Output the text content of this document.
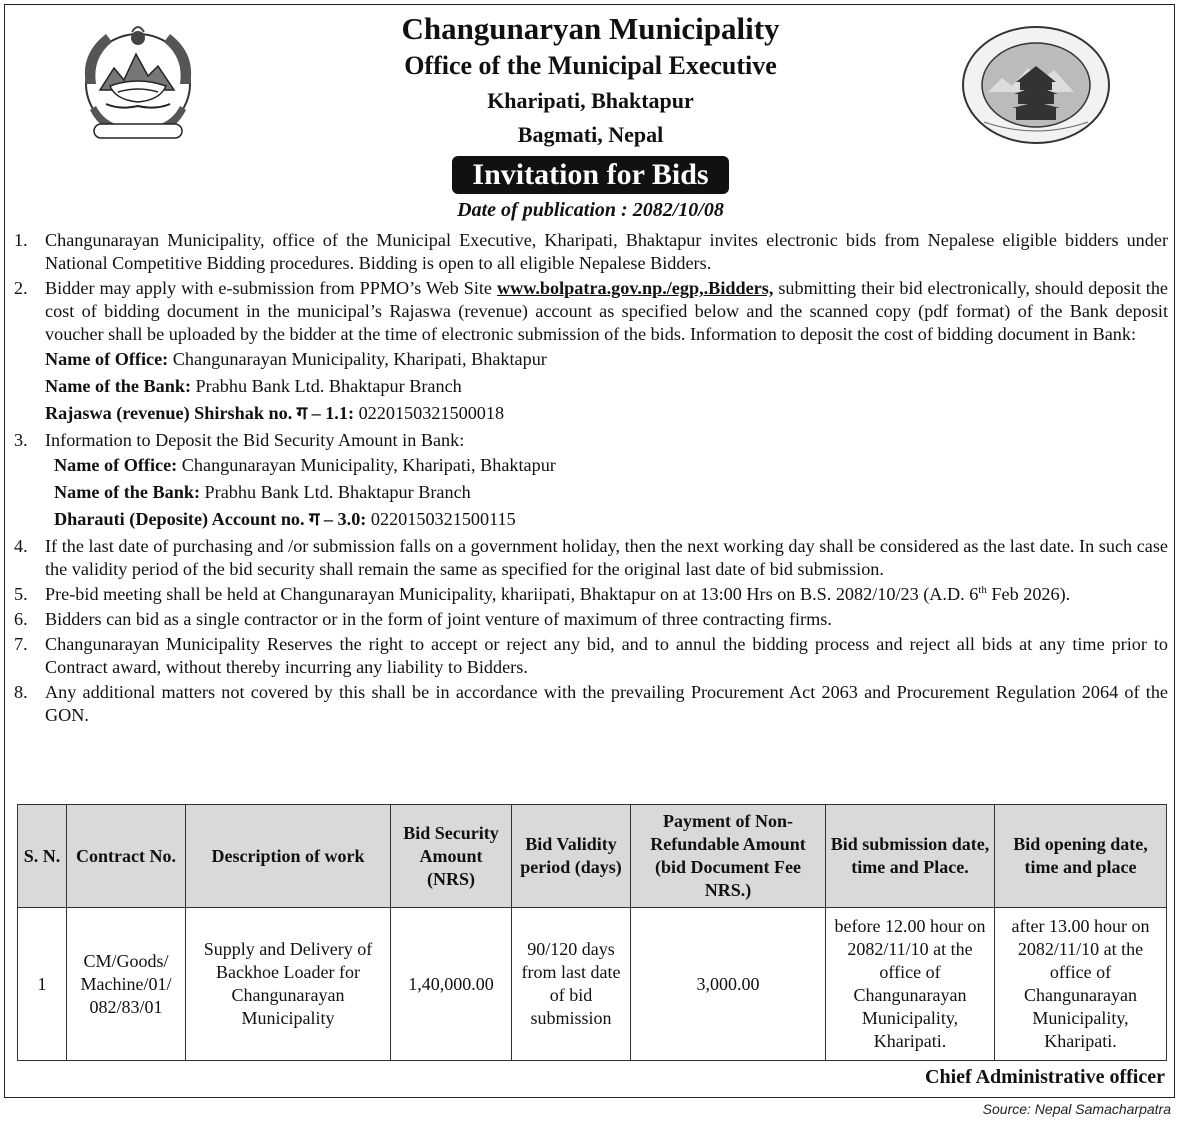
Changunaryan Municipality
Office of the Municipal Executive
Kharipati, Bhaktapur
Bagmati, Nepal
Invitation for Bids
Date of publication : 2082/10/08
1. Changunarayan Municipality, office of the Municipal Executive, Kharipati, Bhaktapur invites electronic bids from Nepalese eligible bidders under National Competitive Bidding procedures. Bidding is open to all eligible Nepalese Bidders.
2. Bidder may apply with e-submission from PPMO’s Web Site www.bolpatra.gov.np./egp,.Bidders, submitting their bid electronically, should deposit the cost of bidding document in the municipal’s Rajaswa (revenue) account as specified below and the scanned copy (pdf format) of the Bank deposit voucher shall be uploaded by the bidder at the time of electronic submission of the bids. Information to deposit the cost of bidding document in Bank:
Name of Office: Changunarayan Municipality, Kharipati, Bhaktapur
Name of the Bank: Prabhu Bank Ltd. Bhaktapur Branch
Rajaswa (revenue) Shirshak no. ग – 1.1: 0220150321500018
3. Information to Deposit the Bid Security Amount in Bank:
Name of Office: Changunarayan Municipality, Kharipati, Bhaktapur
Name of the Bank: Prabhu Bank Ltd. Bhaktapur Branch
Dharauti (Deposite) Account no. ग – 3.0: 0220150321500115
4. If the last date of purchasing and /or submission falls on a government holiday, then the next working day shall be considered as the last date. In such case the validity period of the bid security shall remain the same as specified for the original last date of bid submission.
5. Pre-bid meeting shall be held at Changunarayan Municipality, khariipati, Bhaktapur on at 13:00 Hrs on B.S. 2082/10/23 (A.D. 6th Feb 2026).
6. Bidders can bid as a single contractor or in the form of joint venture of maximum of three contracting firms.
7. Changunarayan Municipality Reserves the right to accept or reject any bid, and to annul the bidding process and reject all bids at any time prior to Contract award, without thereby incurring any liability to Bidders.
8. Any additional matters not covered by this shall be in accordance with the prevailing Procurement Act 2063 and Procurement Regulation 2064 of the GON.
S. N.	Contract No.	Description of work	Bid Security Amount (NRS)	Bid Validity period (days)	Payment of Non-Refundable Amount (bid Document Fee NRS.)	Bid submission date, time and Place.	Bid opening date, time and place
1	CM/Goods/ Machine/01/ 082/83/01	Supply and Delivery of Backhoe Loader for Changunarayan Municipality	1,40,000.00	90/120 days from last date of bid submission	3,000.00	before 12.00 hour on 2082/11/10 at the office of Changunarayan Municipality, Kharipati.	after 13.00 hour on 2082/11/10 at the office of Changunarayan Municipality, Kharipati.
Chief Administrative officer
Source: Nepal Samacharpatra
